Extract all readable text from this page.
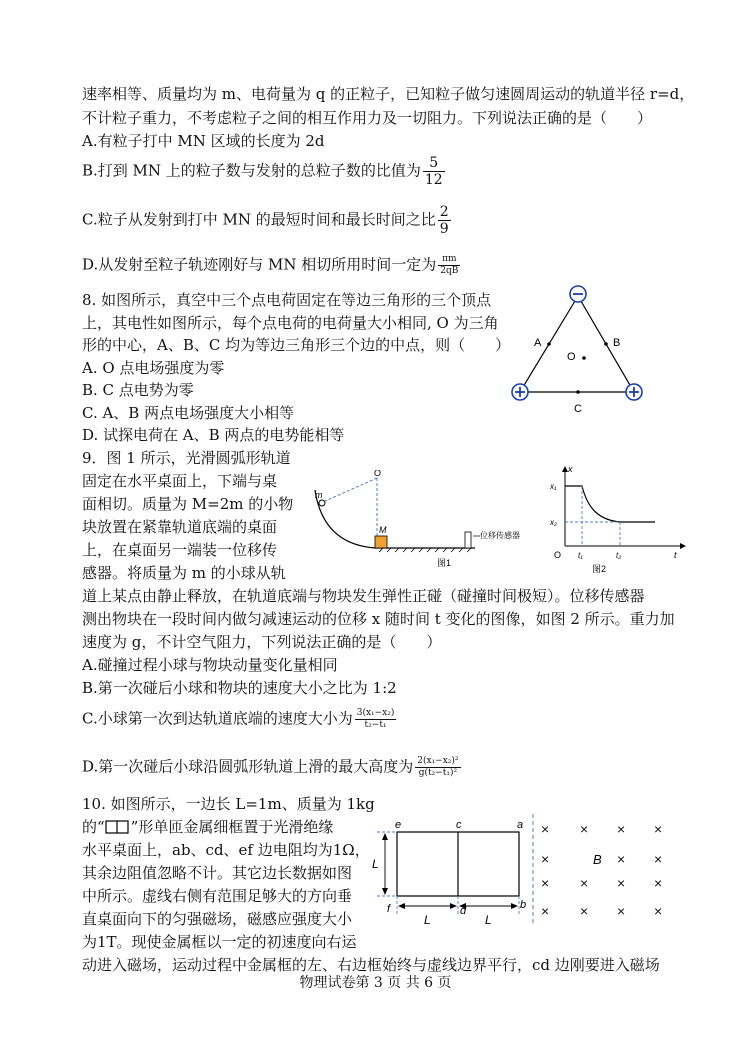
速率相等、质量均为 m、电荷量为 q 的正粒子，已知粒子做匀速圆周运动的轨道半径 r=d，
不计粒子重力，不考虑粒子之间的相互作用力及一切阻力。下列说法正确的是（　　）
A.有粒子打中 MN 区域的长度为 2d
B.打到 MN 上的粒子数与发射的总粒子数的比值为 $\frac{5}{12}$
C.粒子从发射到打中 MN 的最短时间和最长时间之比 $\frac{2}{9}$
D.从发射至粒子轨迹刚好与 MN 相切所用时间一定为 $\frac{\pi m}{2qB}$
8. 如图所示，真空中三个点电荷固定在等边三角形的三个顶点
上，其电性如图所示，每个点电荷的电荷量大小相同, O 为三角
形的中心，A、B、C 均为等边三角形三个边的中点，则（　　）
A. O 点电场强度为零
B. C 点电势为零
C. A、B 两点电场强度大小相等
D. 试探电荷在 A、B 两点的电势能相等
A	B
O
C
9．图 1 所示，光滑圆弧形轨道
固定在水平桌面上，下端与桌
面相切。质量为 M=2m 的小物
块放置在紧靠轨道底端的桌面
上，在桌面另一端装一位移传
感器。将质量为 m 的小球从轨
道上某点由静止释放，在轨道底端与物块发生弹性正碰（碰撞时间极短）。位移传感器
测出物块在一段时间内做匀减速运动的位移 x 随时间 t 变化的图像，如图 2 所示。重力加
速度为 g，不计空气阻力，下列说法正确的是（　　）
A.碰撞过程小球与物块动量变化量相同
B.第一次碰后小球和物块的速度大小之比为 1:2
C.小球第一次到达轨道底端的速度大小为 $\frac{\text{3(x₁−x₂)}}{\text{t₂−t₁}}$
D.第一次碰后小球沿圆弧形轨道上滑的最大高度为 $\frac{\text{2(x₁−x₂)²}}{\text{g(t₂−t₁)²}}$
O
m
M
位移传感器
图1
x
t
O
x₁
x₂
t₁	t₂
图2
10. 如图所示，一边长 L=1m、质量为 1kg
的“ ”形单匝金属细框置于光滑绝缘
水平桌面上，ab、cd、ef 边电阻均为1Ω，
其余边阻值忽略不计。其它边长数据如图
中所示。虚线右侧有范围足够大的方向垂
直桌面向下的匀强磁场，磁感应强度大小
为1T。现使金属框以一定的初速度向右运
动进入磁场，运动过程中金属框的左、右边框始终与虚线边界平行，cd 边刚要进入磁场
e	c	a
f	d	b
L
L	L
B
× × × ×
×	× ×
× × × ×
× × × ×
物理试卷第 3 页 共 6 页
